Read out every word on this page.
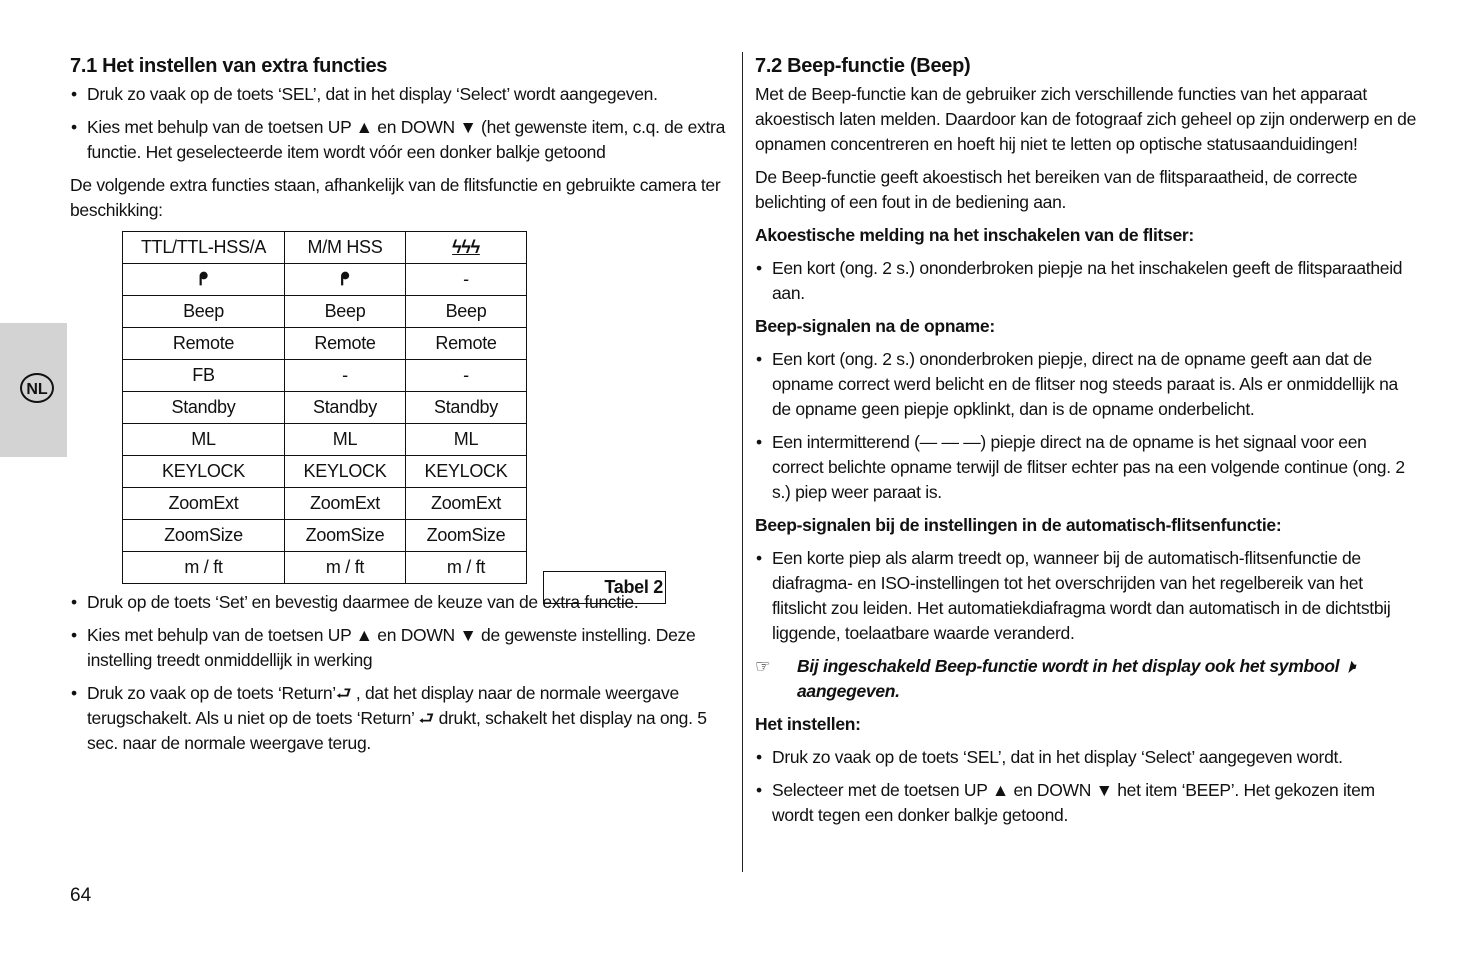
NL
7.1 Het instellen van extra functies
• Druk zo vaak op de toets ‘SEL’, dat in het display ‘Select’ wordt aangegeven.
• Kies met behulp van de toetsen UP ▲ en DOWN ▼ (het gewenste item, c.q. de extra functie. Het geselecteerde item wordt vóór een donker balkje getoond

De volgende extra functies staan, afhankelijk van de flitsfunctie en gebruikte camera ter beschikking:

TTL/TTL-HSS/A	M/M HSS	ϟϟϟ
ᖰ	ᖰ	-
Beep	Beep	Beep
Remote	Remote	Remote
FB	-	-
Standby	Standby	Standby
ML	ML	ML
KEYLOCK	KEYLOCK	KEYLOCK
ZoomExt	ZoomExt	ZoomExt
ZoomSize	ZoomSize	ZoomSize
m / ft	m / ft	m / ft
Tabel 2
• Druk op de toets ‘Set’ en bevestig daarmee de keuze van de extra functie.
• Kies met behulp van de toetsen UP ▲ en DOWN ▼ de gewenste instelling. Deze instelling treedt onmiddellijk in werking
• Druk zo vaak op de toets ‘Return’⮐ , dat het display naar de normale weergave terugschakelt. Als u niet op de toets ‘Return’ ⮐ drukt, schakelt het display na ong. 5 sec. naar de normale weergave terug.
7.2 Beep-functie (Beep)

Met de Beep-functie kan de gebruiker zich verschillende functies van het apparaat akoestisch laten melden. Daardoor kan de fotograaf zich geheel op zijn onderwerp en de opnamen concentreren en hoeft hij niet te letten op optische statusaanduidingen!

De Beep-functie geeft akoestisch het bereiken van de flitsparaatheid, de correcte belichting of een fout in de bediening aan.

Akoestische melding na het inschakelen van de flitser:
• Een kort (ong. 2 s.) ononderbroken piepje na het inschakelen geeft de flitsparaatheid aan.
Beep-signalen na de opname:
• Een kort (ong. 2 s.) ononderbroken piepje, direct na de opname geeft aan dat de opname correct werd belicht en de flitser nog steeds paraat is. Als er onmiddellijk na de opname geen piepje opklinkt, dan is de opname onderbelicht.
• Een intermitterend (— — —) piepje direct na de opname is het signaal voor een correct belichte opname terwijl de flitser echter pas na een volgende continue (ong. 2 s.) piep weer paraat is.
Beep-signalen bij de instellingen in de automatisch-flitsenfunctie:
• Een korte piep als alarm treedt op, wanneer bij de automatisch-flitsenfunctie de diafragma- en ISO-instellingen tot het overschrijden van het regelbereik van het flitslicht zou leiden. Het automatiekdiafragma wordt dan automatisch in de dichtstbij liggende, toelaatbare waarde veranderd.
☞ Bij ingeschakeld Beep-functie wordt in het display ook het symbool 🕨 aangegeven.
Het instellen:
• Druk zo vaak op de toets ‘SEL’, dat in het display ‘Select’ aangegeven wordt.
• Selecteer met de toetsen UP ▲ en DOWN ▼ het item ‘BEEP’. Het gekozen item wordt tegen een donker balkje getoond.
64
